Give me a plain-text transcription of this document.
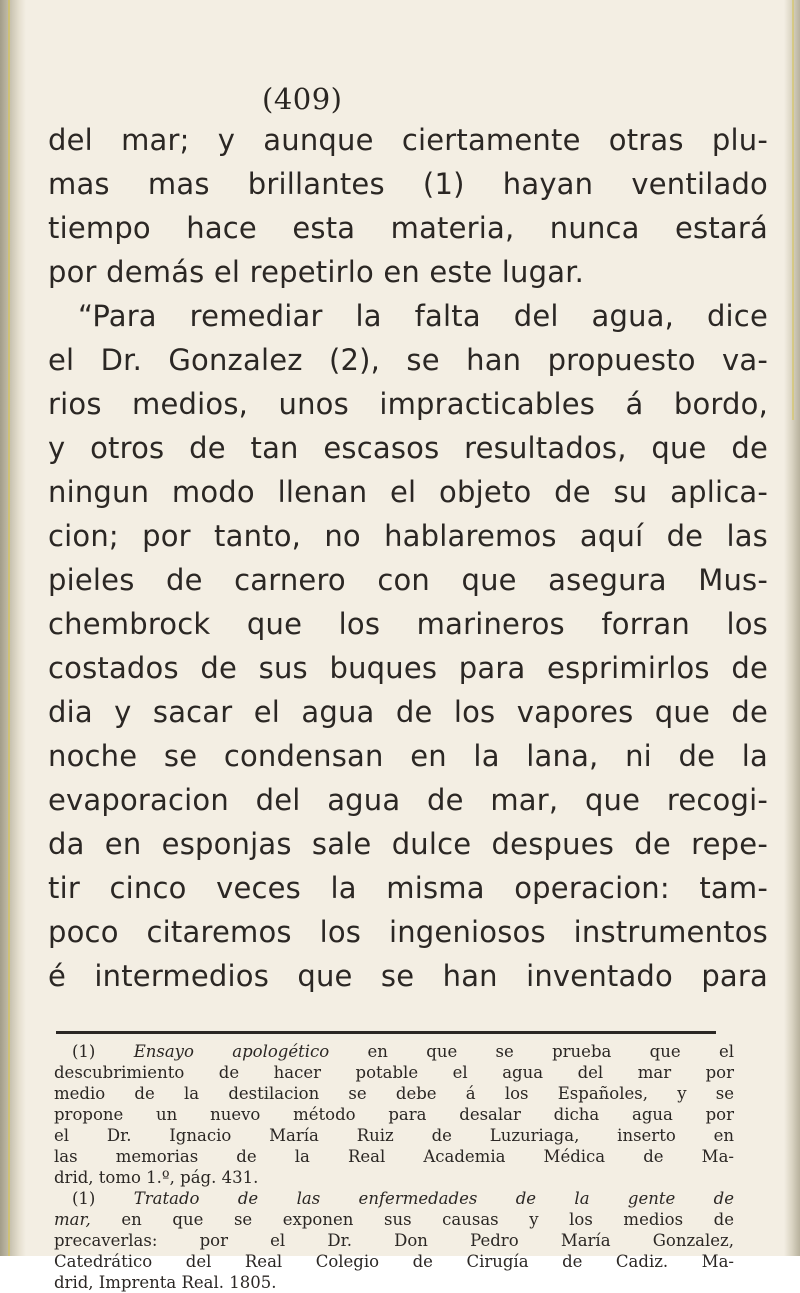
(409)
del mar; y aunque ciertamente otras plu-
mas mas brillantes (1) hayan ventilado
tiempo hace esta materia, nunca estará
por demás el repetirlo en este lugar.
“Para remediar la falta del agua, dice
el Dr. Gonzalez (2), se han propuesto va-
rios medios, unos impracticables á bordo,
y otros de tan escasos resultados, que de
ningun modo llenan el objeto de su aplica-
cion; por tanto, no hablaremos aquí de las
pieles de carnero con que asegura Mus-
chembrock que los marineros forran los
costados de sus buques para esprimirlos de
dia y sacar el agua de los vapores que de
noche se condensan en la lana, ni de la
evaporacion del agua de mar, que recogi-
da en esponjas sale dulce despues de repe-
tir cinco veces la misma operacion: tam-
poco citaremos los ingeniosos instrumentos
é intermedios que se han inventado para
(1) Ensayo apologético en que se prueba que el
descubrimiento de hacer potable el agua del mar por
medio de la destilacion se debe á los Españoles, y se
propone un nuevo método para desalar dicha agua por
el Dr. Ignacio María Ruiz de Luzuriaga, inserto en
las memorias de la Real Academia Médica de Ma-
drid, tomo 1.º, pág. 431.
(1) Tratado de las enfermedades de la gente de
mar, en que se exponen sus causas y los medios de
precaverlas: por el Dr. Don Pedro María Gonzalez,
Catedrático del Real Colegio de Cirugía de Cadiz. Ma-
drid, Imprenta Real. 1805.
